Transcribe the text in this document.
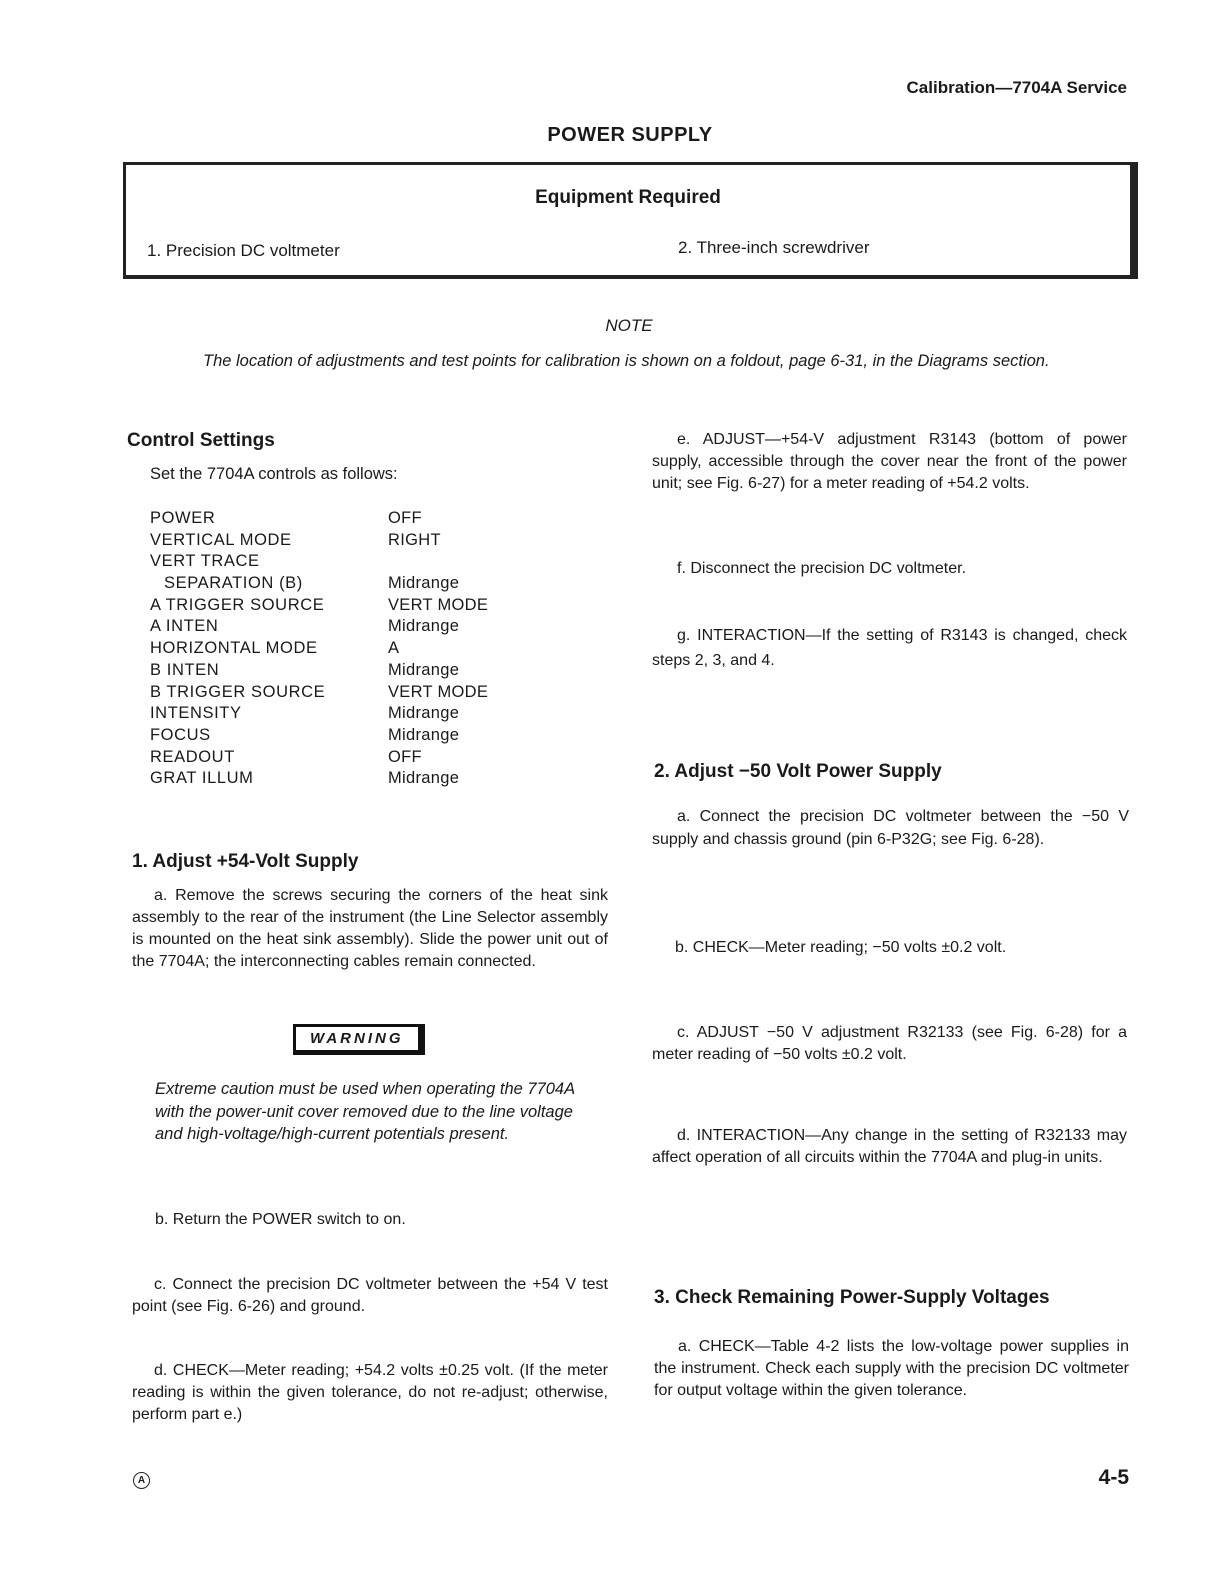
Calibration—7704A Service
POWER SUPPLY
Equipment Required
1. Precision DC voltmeter	2. Three-inch screwdriver
NOTE
The location of adjustments and test points for calibration is shown on a foldout, page 6-31, in the Diagrams section.
Control Settings
Set the 7704A controls as follows:
POWER	OFF
VERTICAL MODE	RIGHT
VERT TRACE
SEPARATION (B)	Midrange
A TRIGGER SOURCE	VERT MODE
A INTEN	Midrange
HORIZONTAL MODE	A
B INTEN	Midrange
B TRIGGER SOURCE	VERT MODE
INTENSITY	Midrange
FOCUS	Midrange
READOUT	OFF
GRAT ILLUM	Midrange
1. Adjust +54-Volt Supply

a. Remove the screws securing the corners of the heat sink assembly to the rear of the instrument (the Line Selector assembly is mounted on the heat sink assembly). Slide the power unit out of the 7704A; the interconnecting cables remain connected.

WARNING

Extreme caution must be used when operating the 7704A with the power-unit cover removed due to the line voltage and high-voltage/high-current potentials present.

b. Return the POWER switch to on.

c. Connect the precision DC voltmeter between the +54 V test point (see Fig. 6-26) and ground.

d. CHECK—Meter reading; +54.2 volts ±0.25 volt. (If the meter reading is within the given tolerance, do not re-adjust; otherwise, perform part e.)

e. ADJUST—+54-V adjustment R3143 (bottom of power supply, accessible through the cover near the front of the power unit; see Fig. 6-27) for a meter reading of +54.2 volts.

f. Disconnect the precision DC voltmeter.

g. INTERACTION—If the setting of R3143 is changed, check steps 2, 3, and 4.

2. Adjust −50 Volt Power Supply

a. Connect the precision DC voltmeter between the −50 V supply and chassis ground (pin 6-P32G; see Fig. 6-28).

b. CHECK—Meter reading; −50 volts ±0.2 volt.

c. ADJUST −50 V adjustment R32133 (see Fig. 6-28) for a meter reading of −50 volts ±0.2 volt.

d. INTERACTION—Any change in the setting of R32133 may affect operation of all circuits within the 7704A and plug-in units.

3. Check Remaining Power-Supply Voltages

a. CHECK—Table 4-2 lists the low-voltage power supplies in the instrument. Check each supply with the precision DC voltmeter for output voltage within the given tolerance.

A	4-5
